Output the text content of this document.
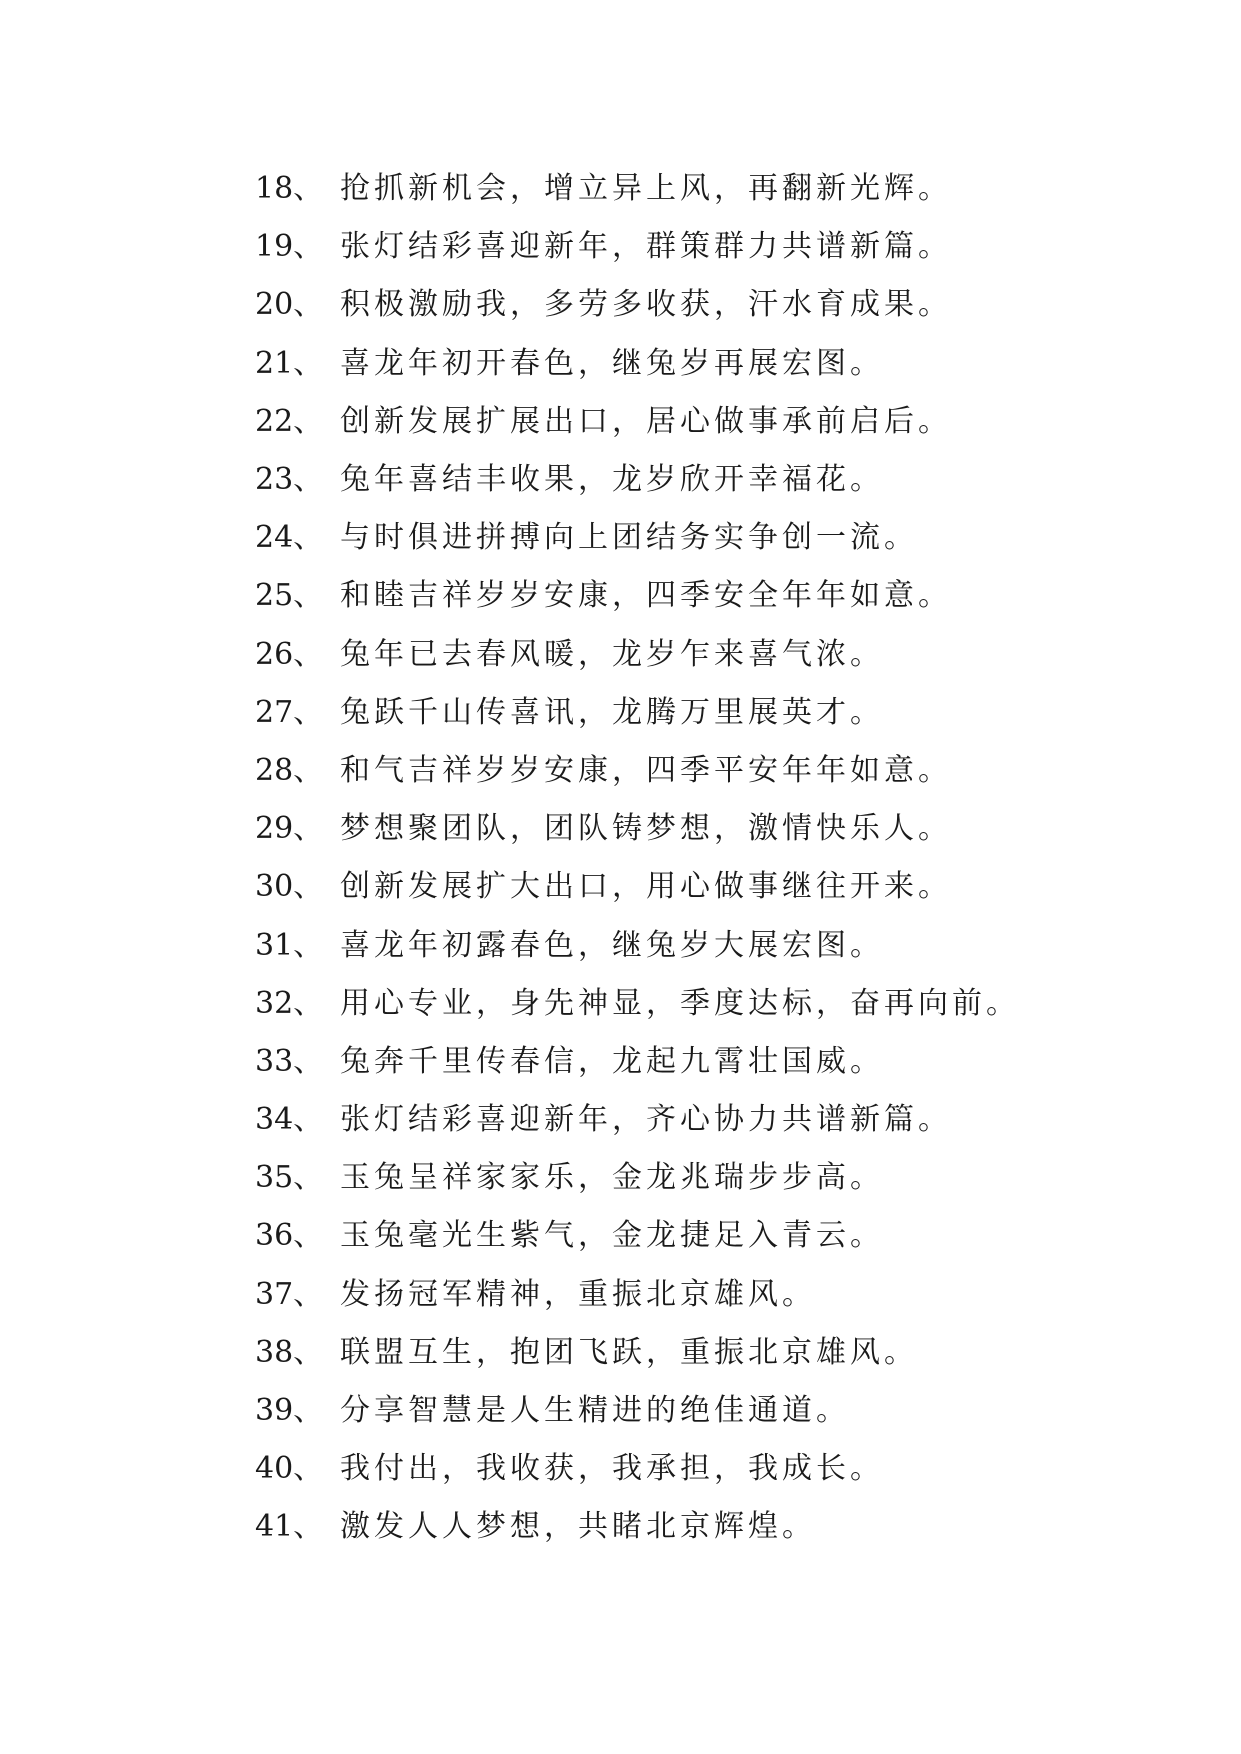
18、 抢抓新机会，增立异上风，再翻新光辉。
19、 张灯结彩喜迎新年，群策群力共谱新篇。
20、 积极激励我，多劳多收获，汗水育成果。
21、 喜龙年初开春色，继兔岁再展宏图。
22、 创新发展扩展出口，居心做事承前启后。
23、 兔年喜结丰收果，龙岁欣开幸福花。
24、 与时俱进拼搏向上团结务实争创一流。
25、 和睦吉祥岁岁安康，四季安全年年如意。
26、 兔年已去春风暖，龙岁乍来喜气浓。
27、 兔跃千山传喜讯，龙腾万里展英才。
28、 和气吉祥岁岁安康，四季平安年年如意。
29、 梦想聚团队，团队铸梦想，激情快乐人。
30、 创新发展扩大出口，用心做事继往开来。
31、 喜龙年初露春色，继兔岁大展宏图。
32、 用心专业，身先神显，季度达标，奋再向前。
33、 兔奔千里传春信，龙起九霄壮国威。
34、 张灯结彩喜迎新年，齐心协力共谱新篇。
35、 玉兔呈祥家家乐，金龙兆瑞步步高。
36、 玉兔毫光生紫气，金龙捷足入青云。
37、 发扬冠军精神，重振北京雄风。
38、 联盟互生，抱团飞跃，重振北京雄风。
39、 分享智慧是人生精进的绝佳通道。
40、 我付出，我收获，我承担，我成长。
41、 激发人人梦想，共睹北京辉煌。
